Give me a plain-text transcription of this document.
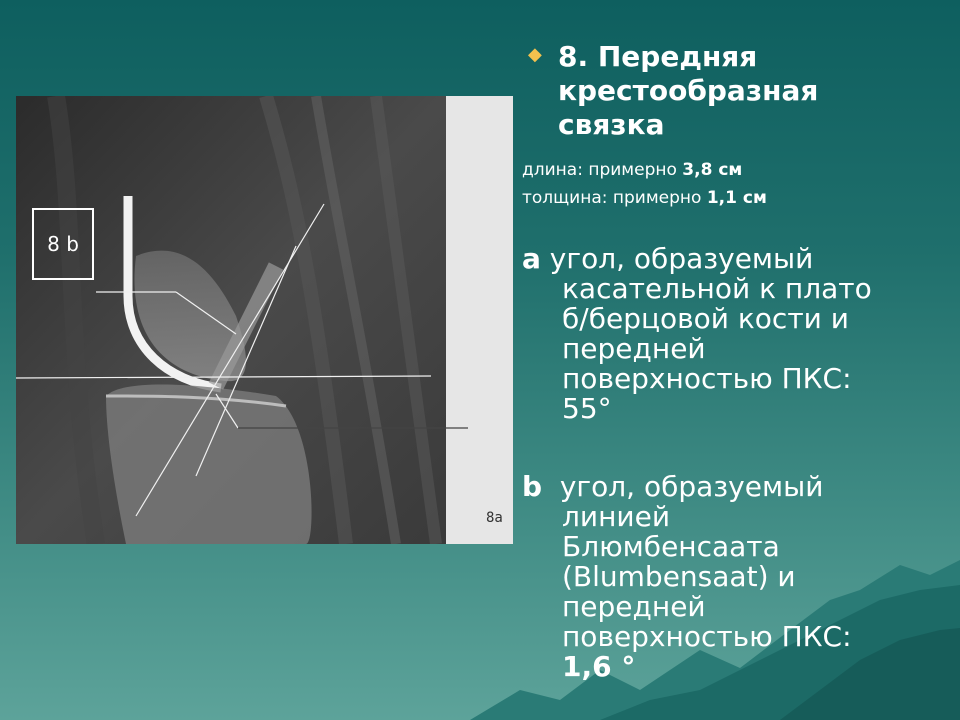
8a
8 b
◆ 8. Передняя
крестообразная
связка
длина: примерно 3,8 см
толщина: примерно 1,1 см
a угол, образуемый
касательной к плато
б/берцовой кости и
передней
поверхностью ПКС:
55°
b  угол, образуемый
линией
Блюмбенсаата
(Blumbensaat) и
передней
поверхностью ПКС:
1,6 °
